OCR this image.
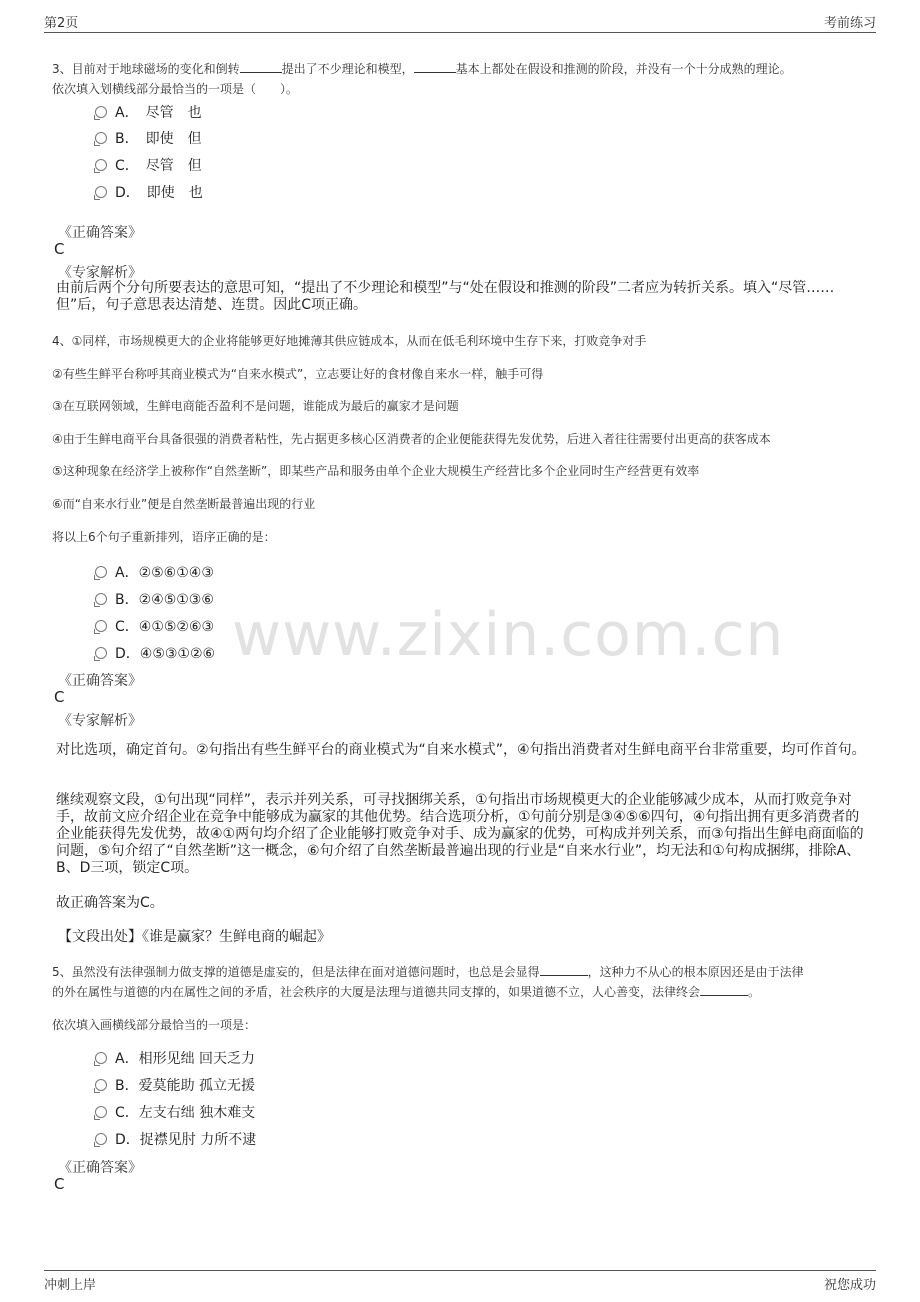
第2页	考前练习
www.zixin.com.cn
3、目前对于地球磁场的变化和倒转	提出了不少理论和模型，	基本上都处在假设和推测的阶段，并没有一个十分成熟的理论。
依次填入划横线部分最恰当的一项是（　　）。
A．　尽管　也
B．　即使　但
C．　尽管　但
D．　即使　也
《正确答案》
C
《专家解析》
由前后两个分句所要表达的意思可知，“提出了不少理论和模型”与“处在假设和推测的阶段”二者应为转折关系。填入“尽管……但”后，句子意思表达清楚、连贯。因此C项正确。
4、①同样，市场规模更大的企业将能够更好地摊薄其供应链成本，从而在低毛利环境中生存下来，打败竞争对手
②有些生鲜平台称呼其商业模式为“自来水模式”，立志要让好的食材像自来水一样，触手可得
③在互联网领域，生鲜电商能否盈利不是问题，谁能成为最后的赢家才是问题
④由于生鲜电商平台具备很强的消费者粘性，先占据更多核心区消费者的企业便能获得先发优势，后进入者往往需要付出更高的获客成本
⑤这种现象在经济学上被称作“自然垄断”，即某些产品和服务由单个企业大规模生产经营比多个企业同时生产经营更有效率
⑥而“自来水行业”便是自然垄断最普遍出现的行业
将以上6个句子重新排列，语序正确的是：
A．②⑤⑥①④③
B．②④⑤①③⑥
C．④①⑤②⑥③
D．④⑤③①②⑥
《正确答案》
C
《专家解析》
对比选项，确定首句。②句指出有些生鲜平台的商业模式为“自来水模式”，④句指出消费者对生鲜电商平台非常重要，均可作首句。
继续观察文段，①句出现“同样”，表示并列关系，可寻找捆绑关系，①句指出市场规模更大的企业能够减少成本，从而打败竞争对手，故前文应介绍企业在竞争中能够成为赢家的其他优势。结合选项分析，①句前分别是③④⑤⑥四句，④句指出拥有更多消费者的企业能获得先发优势，故④①两句均介绍了企业能够打败竞争对手、成为赢家的优势，可构成并列关系，而③句指出生鲜电商面临的问题，⑤句介绍了“自然垄断”这一概念，⑥句介绍了自然垄断最普遍出现的行业是“自来水行业”，均无法和①句构成捆绑，排除A、B、D三项，锁定C项。
故正确答案为C。
【文段出处】《谁是赢家？生鲜电商的崛起》
5、虽然没有法律强制力做支撑的道德是虚妄的，但是法律在面对道德问题时，也总是会显得	，这种力不从心的根本原因还是由于法律
的外在属性与道德的内在属性之间的矛盾，社会秩序的大厦是法理与道德共同支撑的，如果道德不立，人心善变，法律终会	。
依次填入画横线部分最恰当的一项是：
A．相形见绌 回天乏力
B．爱莫能助 孤立无援
C．左支右绌 独木难支
D．捉襟见肘 力所不逮
《正确答案》
C
冲刺上岸	祝您成功
